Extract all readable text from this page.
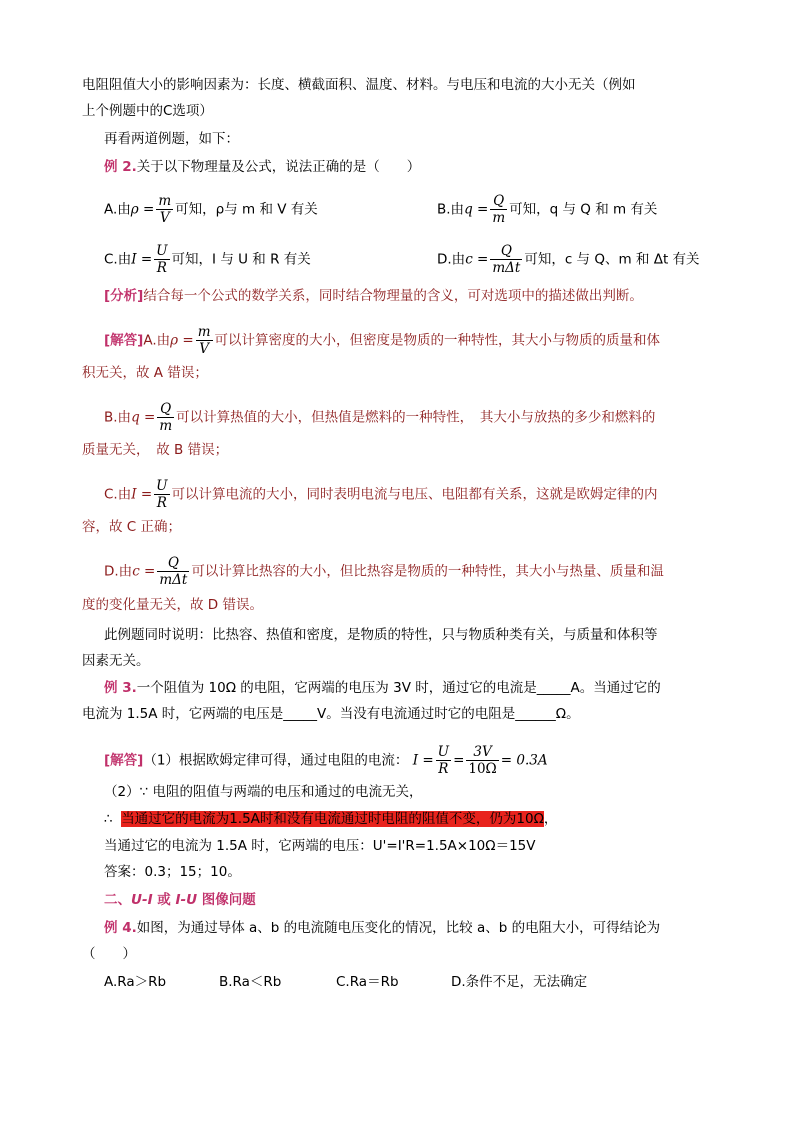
电阻阻值大小的影响因素为：长度、横截面积、温度、材料。与电压和电流的大小无关（例如
上个例题中的C选项）
再看两道例题，如下：
例 2.关于以下物理量及公式，说法正确的是（　　）
A.由$\rho = \frac{m}{V}$ 可知，ρ与 m 和 V 有关	B.由$q = \frac{Q}{m}$ 可知，q 与 Q 和 m 有关
C.由$I = \frac{U}{R}$ 可知，I 与 U 和 R 有关	D.由$c = \frac{Q}{\text{mΔt}}$ 可知，c 与 Q、m 和 Δt 有关
[分析]结合每一个公式的数学关系，同时结合物理量的含义，可对选项中的描述做出判断。
[解答]A.由$\rho = \frac{m}{V}$ 可以计算密度的大小，但密度是物质的一种特性，其大小与物质的质量和体
积无关，故 A 错误；
B.由$q = \frac{Q}{m}$ 可以计算热值的大小，但热值是燃料的一种特性，　其大小与放热的多少和燃料的
质量无关，　故 B 错误；
C.由$I = \frac{U}{R}$ 可以计算电流的大小，同时表明电流与电压、电阻都有关系，这就是欧姆定律的内
容，故 C 正确；
D.由$c = \frac{Q}{\text{mΔt}}$ 可以计算比热容的大小，但比热容是物质的一种特性，其大小与热量、质量和温
度的变化量无关，故 D 错误。
此例题同时说明：比热容、热值和密度，是物质的特性，只与物质种类有关，与质量和体积等
因素无关。
例 3.一个阻值为 10Ω 的电阻，它两端的电压为 3V 时，通过它的电流是_____A。当通过它的
电流为 1.5A 时，它两端的电压是_____V。当没有电流通过时它的电阻是______Ω。
[解答]（1）根据欧姆定律可得，通过电阻的电流： $I = \frac{U}{R} = \frac{3V}{10\Omega} = 0.3A$
（2）∵ 电阻的阻值与两端的电压和通过的电流无关，
∴ 当通过它的电流为1.5A时和没有电流通过时电阻的阻值不变，仍为10Ω，
当通过它的电流为 1.5A 时，它两端的电压：U'=I'R=1.5A×10Ω＝15V
答案：0.3；15；10。
二、U-I 或 I-U 图像问题
例 4.如图，为通过导体 a、b 的电流随电压变化的情况，比较 a、b 的电阻大小，可得结论为
（　　）
A.Ra＞Rb	B.Ra＜Rb	C.Ra＝Rb	D.条件不足，无法确定
